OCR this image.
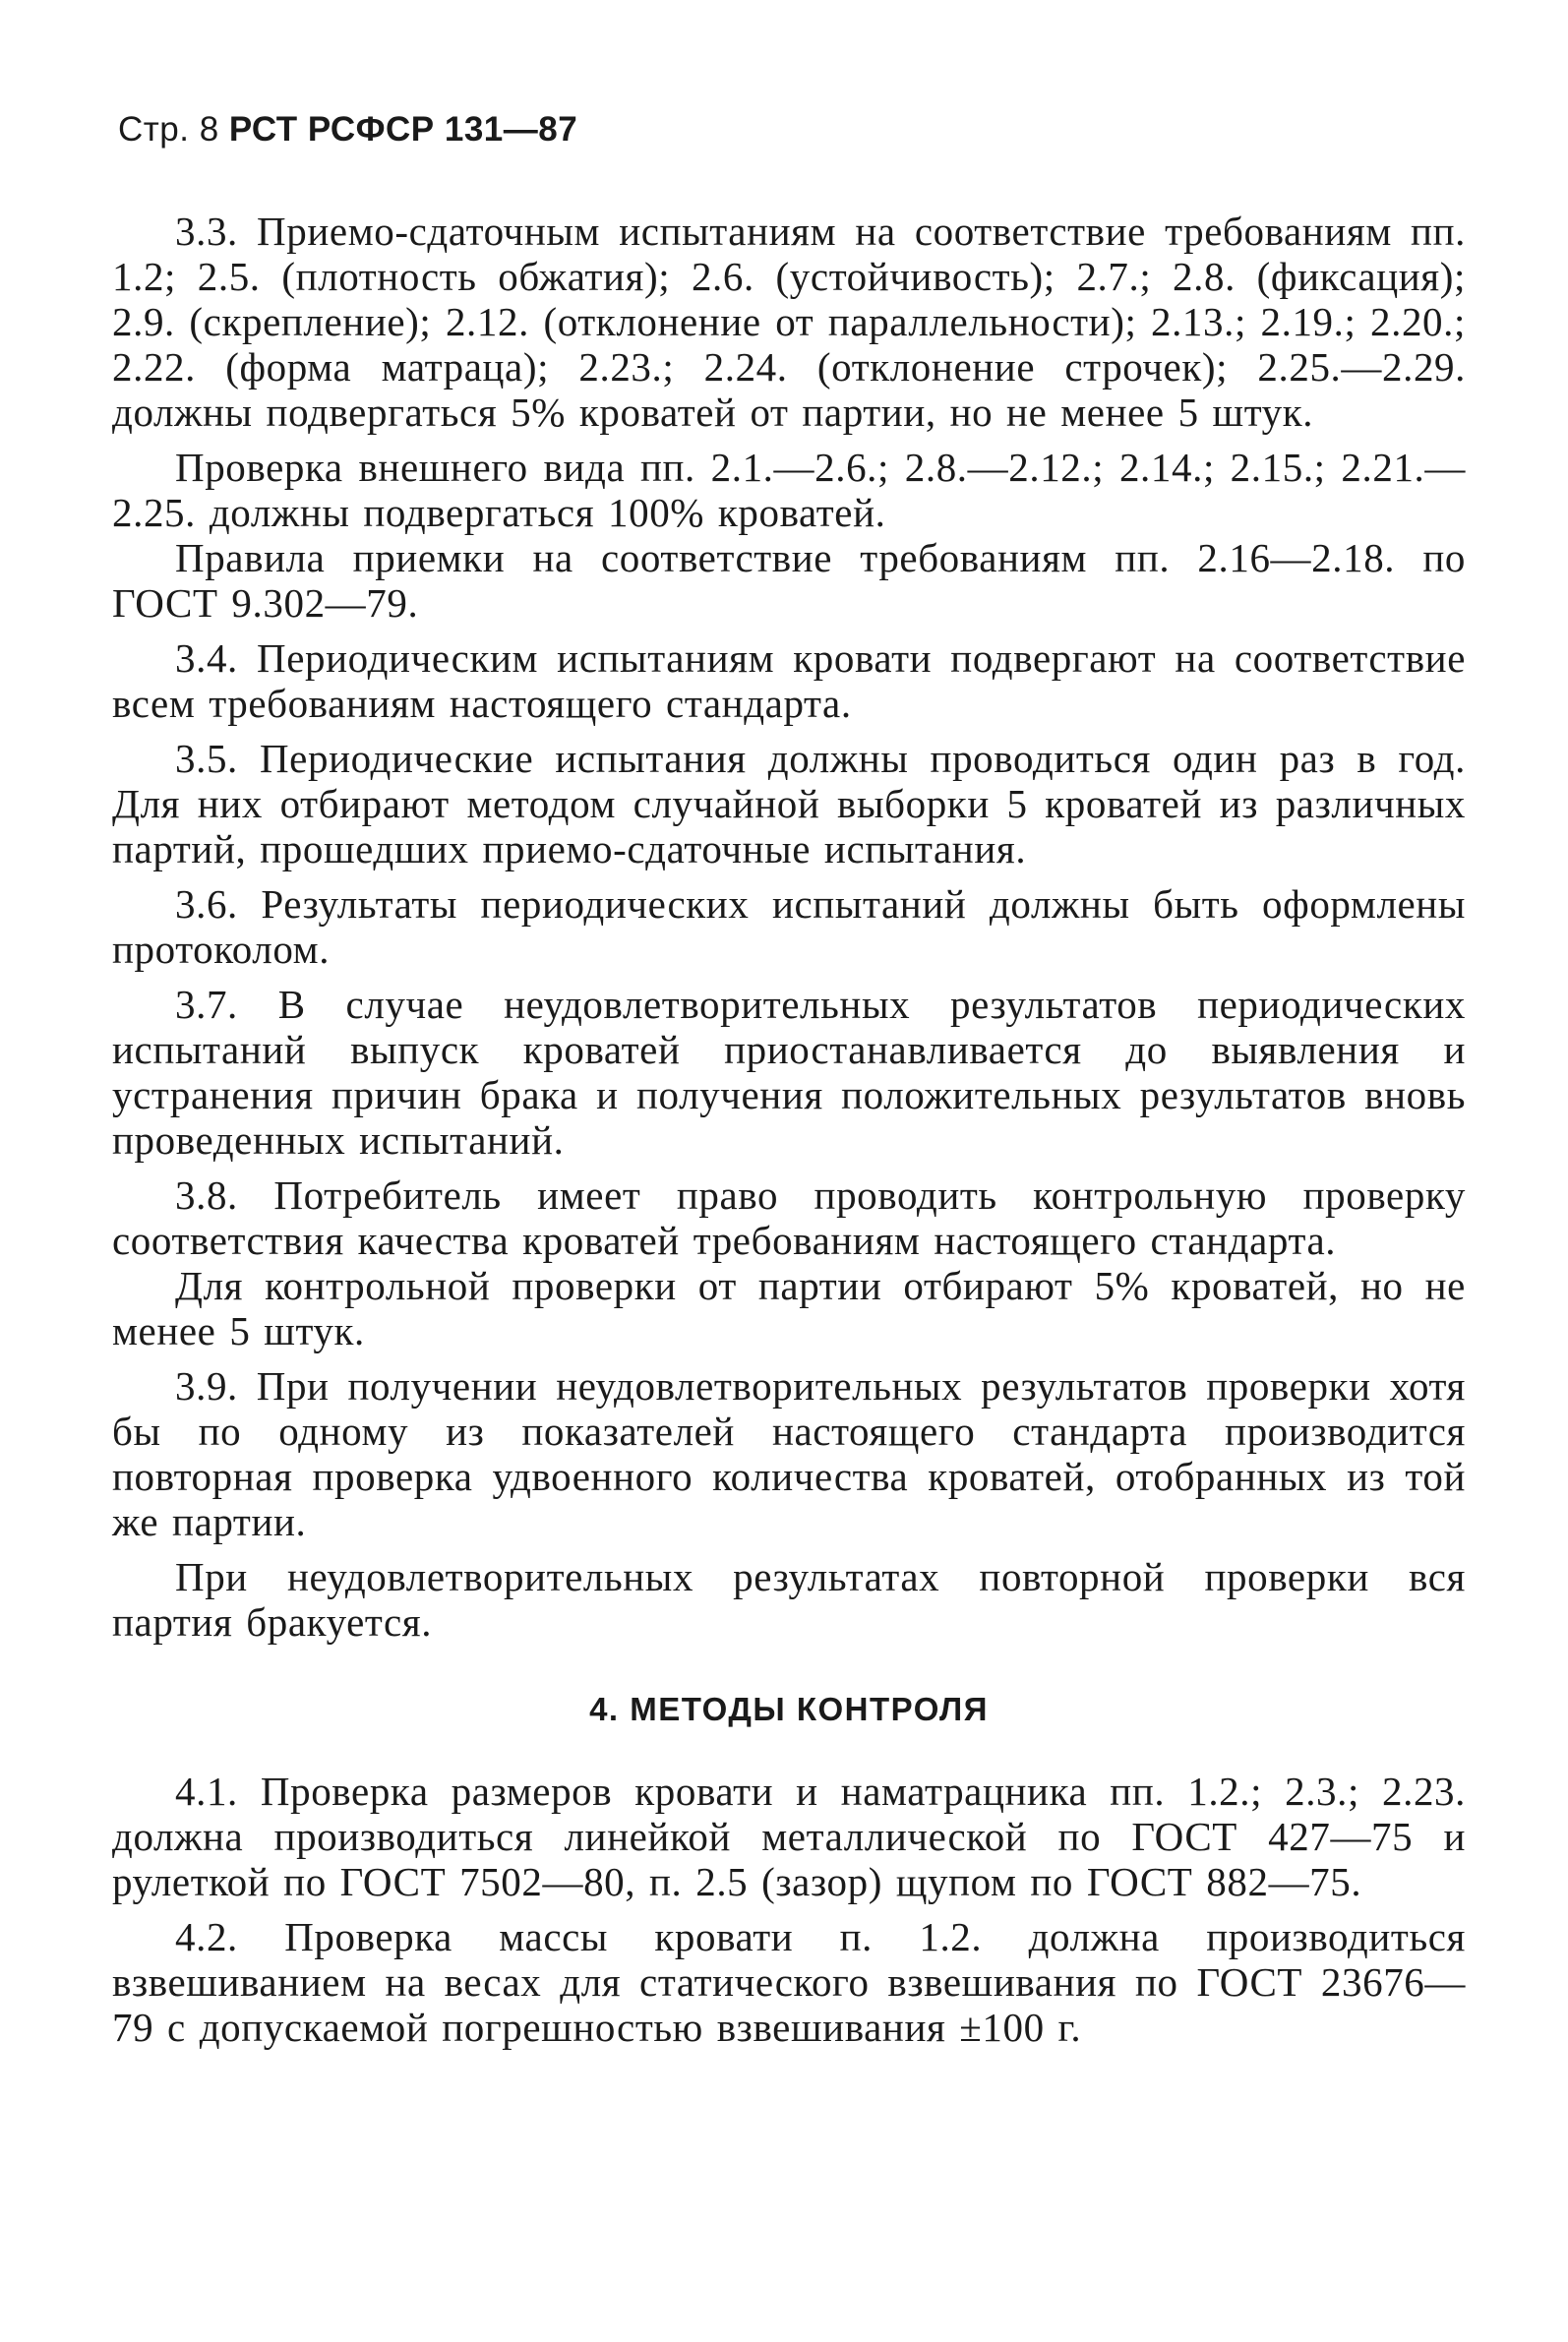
Стр. 8 РСТ РСФСР 131—87

3.3. Приемо-сдаточным испытаниям на соответствие требованиям пп. 1.2; 2.5. (плотность обжатия); 2.6. (устойчивость); 2.7.; 2.8. (фиксация); 2.9. (скрепление); 2.12. (отклонение от параллельности); 2.13.; 2.19.; 2.20.; 2.22. (форма матраца); 2.23.; 2.24. (отклонение строчек); 2.25.—2.29. должны подвергаться 5% кроватей от партии, но не менее 5 штук.

Проверка внешнего вида пп. 2.1.—2.6.; 2.8.—2.12.; 2.14.; 2.15.; 2.21.—2.25. должны подвергаться 100% кроватей.

Правила приемки на соответствие требованиям пп. 2.16—2.18. по ГОСТ 9.302—79.

3.4. Периодическим испытаниям кровати подвергают на соответствие всем требованиям настоящего стандарта.

3.5. Периодические испытания должны проводиться один раз в год. Для них отбирают методом случайной выборки 5 кроватей из различных партий, прошедших приемо-сдаточные испытания.

3.6. Результаты периодических испытаний должны быть оформлены протоколом.

3.7. В случае неудовлетворительных результатов периодических испытаний выпуск кроватей приостанавливается до выявления и устранения причин брака и получения положительных результатов вновь проведенных испытаний.

3.8. Потребитель имеет право проводить контрольную проверку соответствия качества кроватей требованиям настоящего стандарта.

Для контрольной проверки от партии отбирают 5% кроватей, но не менее 5 штук.

3.9. При получении неудовлетворительных результатов проверки хотя бы по одному из показателей настоящего стандарта производится повторная проверка удвоенного количества кроватей, отобранных из той же партии.

При неудовлетворительных результатах повторной проверки вся партия бракуется.

4. МЕТОДЫ КОНТРОЛЯ

4.1. Проверка размеров кровати и наматрацника пп. 1.2.; 2.3.; 2.23. должна производиться линейкой металлической по ГОСТ 427—75 и рулеткой по ГОСТ 7502—80, п. 2.5 (зазор) щупом по ГОСТ 882—75.

4.2. Проверка массы кровати п. 1.2. должна производиться взвешиванием на весах для статического взвешивания по ГОСТ 23676—79 с допускаемой погрешностью взвешивания ±100 г.
